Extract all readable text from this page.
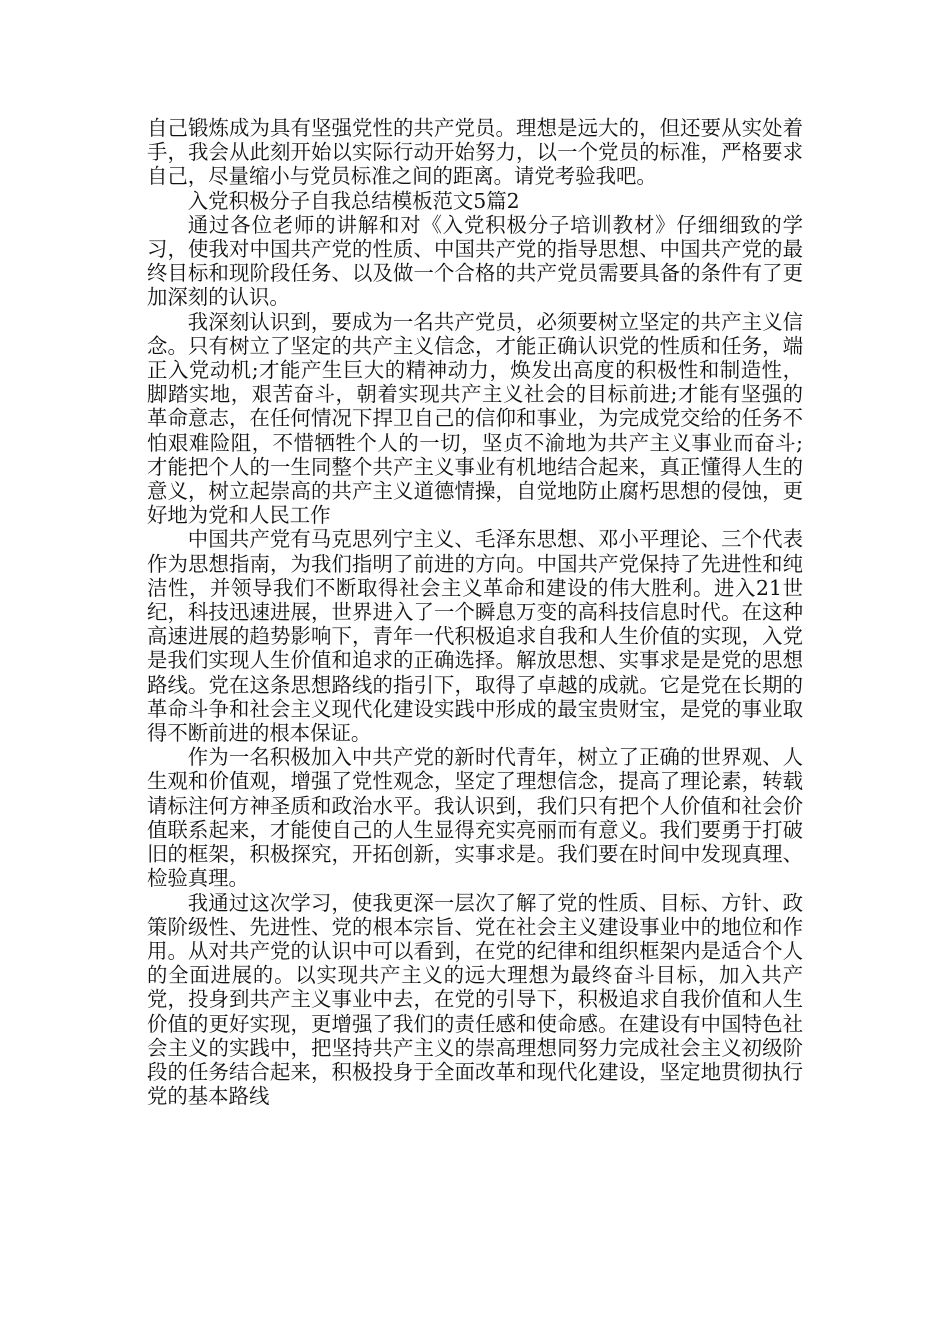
自己锻炼成为具有坚强党性的共产党员。理想是远大的，但还要从实处着手，我会从此刻开始以实际行动开始努力，以一个党员的标准，严格要求自己，尽量缩小与党员标准之间的距离。请党考验我吧。

入党积极分子自我总结模板范文5篇2

通过各位老师的讲解和对《入党积极分子培训教材》仔细细致的学习，使我对中国共产党的性质、中国共产党的指导思想、中国共产党的最终目标和现阶段任务、以及做一个合格的共产党员需要具备的条件有了更加深刻的认识。

我深刻认识到，要成为一名共产党员，必须要树立坚定的共产主义信念。只有树立了坚定的共产主义信念，才能正确认识党的性质和任务，端正入党动机;才能产生巨大的精神动力，焕发出高度的积极性和制造性，脚踏实地，艰苦奋斗，朝着实现共产主义社会的目标前进;才能有坚强的革命意志，在任何情况下捍卫自己的信仰和事业，为完成党交给的任务不怕艰难险阻，不惜牺牲个人的一切，坚贞不渝地为共产主义事业而奋斗;才能把个人的一生同整个共产主义事业有机地结合起来，真正懂得人生的意义，树立起崇高的共产主义道德情操，自觉地防止腐朽思想的侵蚀，更好地为党和人民工作

中国共产党有马克思列宁主义、毛泽东思想、邓小平理论、三个代表作为思想指南，为我们指明了前进的方向。中国共产党保持了先进性和纯洁性，并领导我们不断取得社会主义革命和建设的伟大胜利。进入21世纪，科技迅速进展，世界进入了一个瞬息万变的高科技信息时代。在这种高速进展的趋势影响下，青年一代积极追求自我和人生价值的实现，入党是我们实现人生价值和追求的正确选择。解放思想、实事求是是党的思想路线。党在这条思想路线的指引下，取得了卓越的成就。它是党在长期的革命斗争和社会主义现代化建设实践中形成的最宝贵财宝，是党的事业取得不断前进的根本保证。

作为一名积极加入中共产党的新时代青年，树立了正确的世界观、人生观和价值观，增强了党性观念，坚定了理想信念，提高了理论素，转载请标注何方神圣质和政治水平。我认识到，我们只有把个人价值和社会价值联系起来，才能使自己的人生显得充实亮丽而有意义。我们要勇于打破旧的框架，积极探究，开拓创新，实事求是。我们要在时间中发现真理、检验真理。

我通过这次学习，使我更深一层次了解了党的性质、目标、方针、政策阶级性、先进性、党的根本宗旨、党在社会主义建设事业中的地位和作用。从对共产党的认识中可以看到，在党的纪律和组织框架内是适合个人的全面进展的。以实现共产主义的远大理想为最终奋斗目标，加入共产党，投身到共产主义事业中去，在党的引导下，积极追求自我价值和人生价值的更好实现，更增强了我们的责任感和使命感。在建设有中国特色社会主义的实践中，把坚持共产主义的崇高理想同努力完成社会主义初级阶段的任务结合起来，积极投身于全面改革和现代化建设，坚定地贯彻执行党的基本路线
